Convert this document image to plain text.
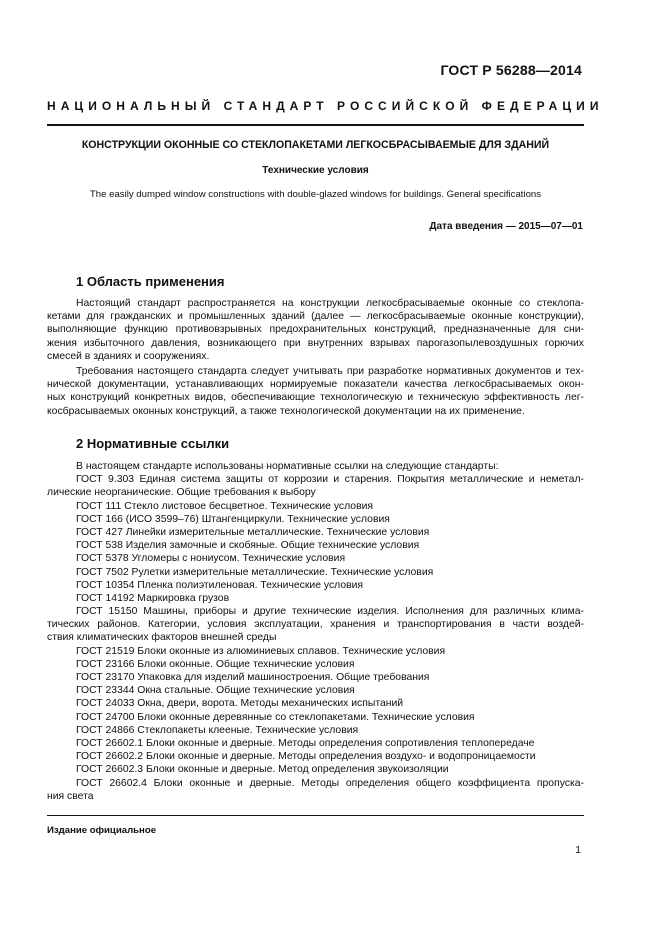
ГОСТ Р 56288—2014
НАЦИОНАЛЬНЫЙ СТАНДАРТ РОССИЙСКОЙ ФЕДЕРАЦИИ
КОНСТРУКЦИИ ОКОННЫЕ СО СТЕКЛОПАКЕТАМИ ЛЕГКОСБРАСЫВАЕМЫЕ ДЛЯ ЗДАНИЙ
Технические условия
The easily dumped window constructions with double-glazed windows for buildings. General specifications
Дата введения — 2015—07—01
1 Область применения
Настоящий стандарт распространяется на конструкции легкосбрасываемые оконные со стеклопа-
кетами для гражданских и промышленных зданий (далее — легкосбрасываемые оконные конструкции),
выполняющие функцию противовзрывных предохранительных конструкций, предназначенные для сни-
жения избыточного давления, возникающего при внутренних взрывах парогазопылевоздушных горючих
смесей в зданиях и сооружениях.
Требования настоящего стандарта следует учитывать при разработке нормативных документов и тех-
нической документации, устанавливающих нормируемые показатели качества легкосбрасываемых окон-
ных конструкций конкретных видов, обеспечивающие технологическую и техническую эффективность лег-
косбрасываемых оконных конструкций, а также технологической документации на их применение.
2 Нормативные ссылки
В настоящем стандарте использованы нормативные ссылки на следующие стандарты:
ГОСТ 9.303 Единая система защиты от коррозии и старения. Покрытия металлические и неметал-
лические неорганические. Общие требования к выбору
ГОСТ 111 Стекло листовое бесцветное. Технические условия
ГОСТ 166 (ИСО 3599–76) Штангенциркули. Технические условия
ГОСТ 427 Линейки измерительные металлические. Технические условия
ГОСТ 538 Изделия замочные и скобяные. Общие технические условия
ГОСТ 5378 Угломеры с нониусом. Технические условия
ГОСТ 7502 Рулетки измерительные металлические. Технические условия
ГОСТ 10354 Пленка полиэтиленовая. Технические условия
ГОСТ 14192 Маркировка грузов
ГОСТ 15150 Машины, приборы и другие технические изделия. Исполнения для различных клима-
тических районов. Категории, условия эксплуатации, хранения и транспортирования в части воздей-
ствия климатических факторов внешней среды
ГОСТ 21519 Блоки оконные из алюминиевых сплавов. Технические условия
ГОСТ 23166 Блоки оконные. Общие технические условия
ГОСТ 23170 Упаковка для изделий машиностроения. Общие требования
ГОСТ 23344 Окна стальные. Общие технические условия
ГОСТ 24033 Окна, двери, ворота. Методы механических испытаний
ГОСТ 24700 Блоки оконные деревянные со стеклопакетами. Технические условия
ГОСТ 24866 Стеклопакеты клееные. Технические условия
ГОСТ 26602.1 Блоки оконные и дверные. Методы определения сопротивления теплопередаче
ГОСТ 26602.2 Блоки оконные и дверные. Методы определения воздухо- и водопроницаемости
ГОСТ 26602.3 Блоки оконные и дверные. Метод определения звукоизоляции
ГОСТ 26602.4 Блоки оконные и дверные. Методы определения общего коэффициента пропуска-
ния света
Издание официальное
1
